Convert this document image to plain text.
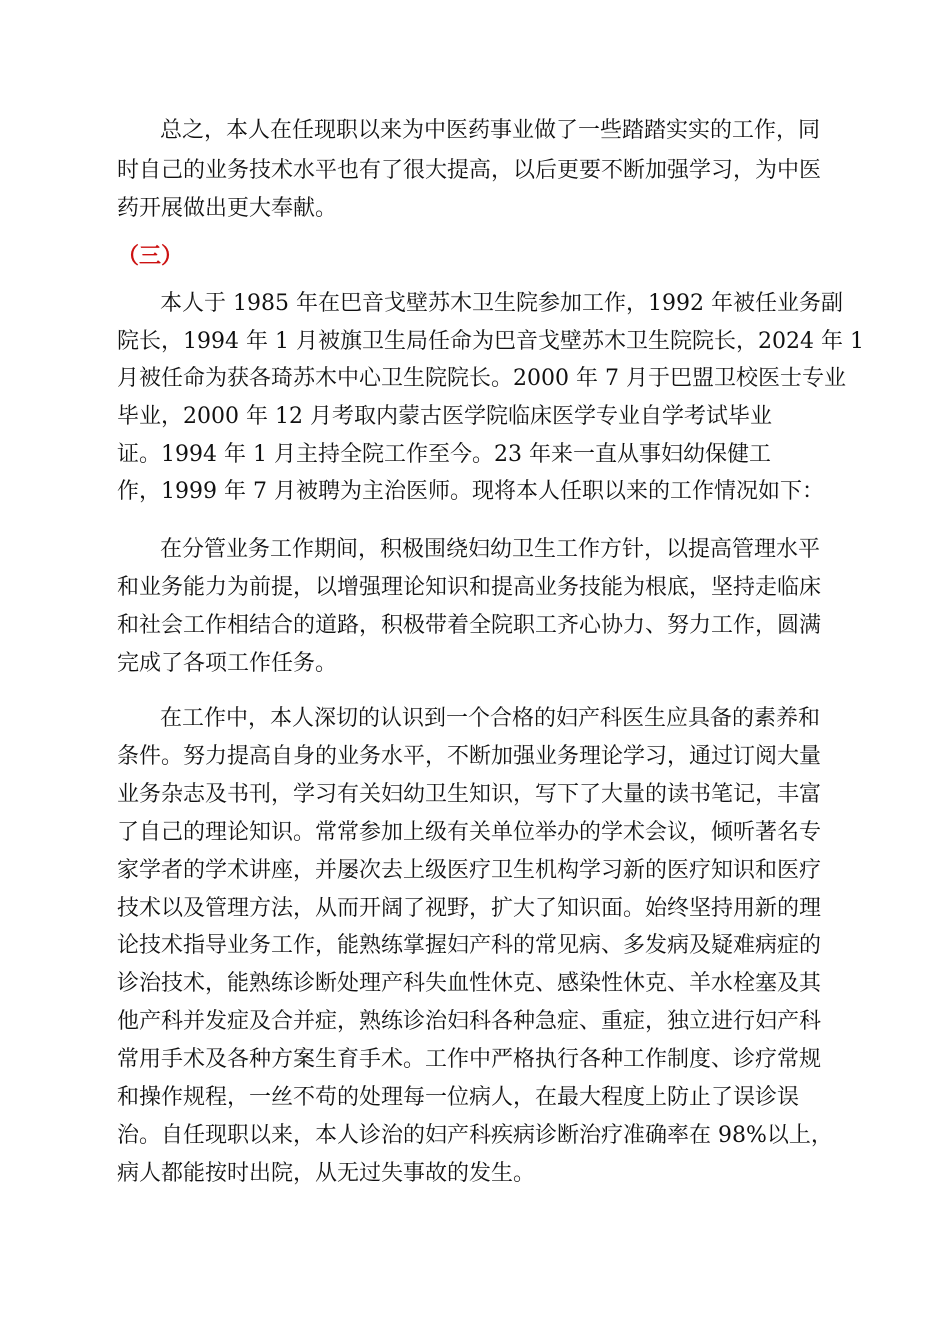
总之，本人在任现职以来为中医药事业做了一些踏踏实实的工作，同
时自己的业务技术水平也有了很大提高，以后更要不断加强学习，为中医
药开展做出更大奉献。
（三）
本人于 1985 年在巴音戈壁苏木卫生院参加工作，1992 年被任业务副
院长，1994 年 1 月被旗卫生局任命为巴音戈壁苏木卫生院院长，2024 年 1
月被任命为获各琦苏木中心卫生院院长。2000 年 7 月于巴盟卫校医士专业
毕业，2000 年 12 月考取内蒙古医学院临床医学专业自学考试毕业
证。1994 年 1 月主持全院工作至今。23 年来一直从事妇幼保健工
作，1999 年 7 月被聘为主治医师。现将本人任职以来的工作情况如下：
在分管业务工作期间，积极围绕妇幼卫生工作方针，以提高管理水平
和业务能力为前提，以增强理论知识和提高业务技能为根底，坚持走临床
和社会工作相结合的道路，积极带着全院职工齐心协力、努力工作，圆满
完成了各项工作任务。
在工作中，本人深切的认识到一个合格的妇产科医生应具备的素养和
条件。努力提高自身的业务水平，不断加强业务理论学习，通过订阅大量
业务杂志及书刊，学习有关妇幼卫生知识，写下了大量的读书笔记，丰富
了自己的理论知识。常常参加上级有关单位举办的学术会议，倾听著名专
家学者的学术讲座，并屡次去上级医疗卫生机构学习新的医疗知识和医疗
技术以及管理方法，从而开阔了视野，扩大了知识面。始终坚持用新的理
论技术指导业务工作，能熟练掌握妇产科的常见病、多发病及疑难病症的
诊治技术，能熟练诊断处理产科失血性休克、感染性休克、羊水栓塞及其
他产科并发症及合并症，熟练诊治妇科各种急症、重症，独立进行妇产科
常用手术及各种方案生育手术。工作中严格执行各种工作制度、诊疗常规
和操作规程，一丝不苟的处理每一位病人，在最大程度上防止了误诊误
治。自任现职以来，本人诊治的妇产科疾病诊断治疗准确率在 98%以上，
病人都能按时出院，从无过失事故的发生。
